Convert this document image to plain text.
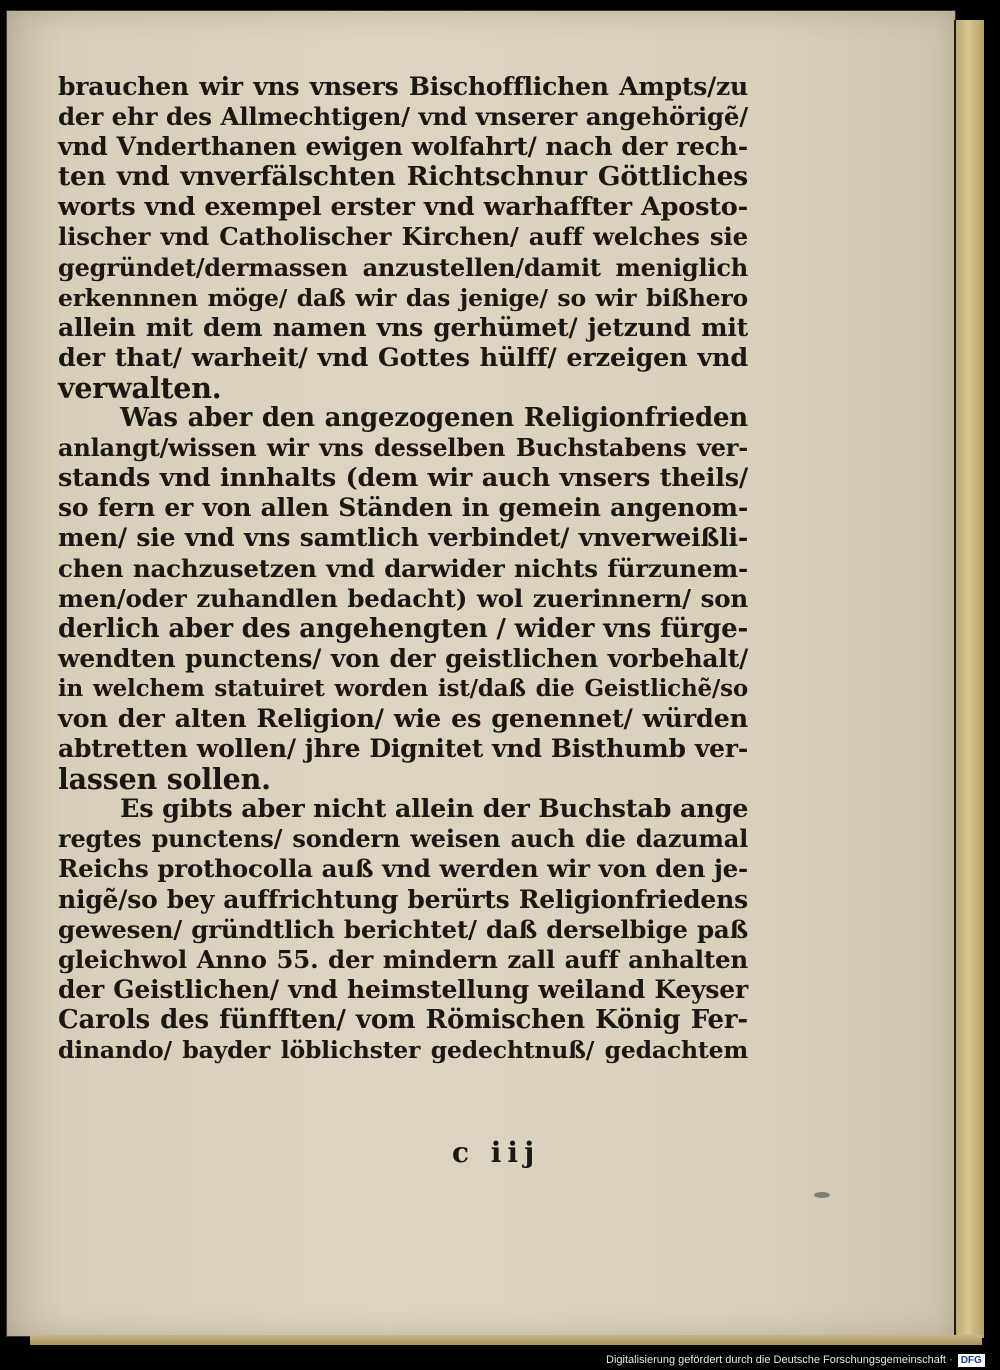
brauchen wir vns vnsers Bischofflichen Ampts/zu
der ehr des Allmechtigen/ vnd vnserer angehörigẽ/
vnd Vnderthanen ewigen wolfahrt/ nach der rech-
ten vnd vnverfälschten Richtschnur Göttliches
worts vnd exempel erster vnd warhaffter Aposto-
lischer vnd Catholischer Kirchen/ auff welches sie
gegründet/dermassen anzustellen/damit meniglich
erkennnen möge/ daß wir das jenige/ so wir bißhero
allein mit dem namen vns gerhümet/ jetzund mit
der that/ warheit/ vnd Gottes hülff/ erzeigen vnd
verwalten.
Was aber den angezogenen Religionfrieden
anlangt/wissen wir vns desselben Buchstabens ver-
stands vnd innhalts (dem wir auch vnsers theils/
so fern er von allen Ständen in gemein angenom-
men/ sie vnd vns samtlich verbindet/ vnverweißli-
chen nachzusetzen vnd darwider nichts fürzunem-
men/oder zuhandlen bedacht) wol zuerinnern/ son
derlich aber des angehengten / wider vns fürge-
wendten punctens/ von der geistlichen vorbehalt/
in welchem statuiret worden ist/daß die Geistlichẽ/so
von der alten Religion/ wie es genennet/ würden
abtretten wollen/ jhre Dignitet vnd Bisthumb ver-
lassen sollen.
Es gibts aber nicht allein der Buchstab ange
regtes punctens/ sondern weisen auch die dazumal
Reichs prothocolla auß vnd werden wir von den je-
nigẽ/so bey auffrichtung berürts Religionfriedens
gewesen/ gründtlich berichtet/ daß derselbige paß
gleichwol Anno 55. der mindern zall auff anhalten
der Geistlichen/ vnd heimstellung weiland Keyser
Carols des fünfften/ vom Römischen König Fer-
dinando/ bayder löblichster gedechtnuß/ gedachtem
c iij
Digitalisierung gefördert durch die Deutsche Forschungsgemeinschaft · DFG
